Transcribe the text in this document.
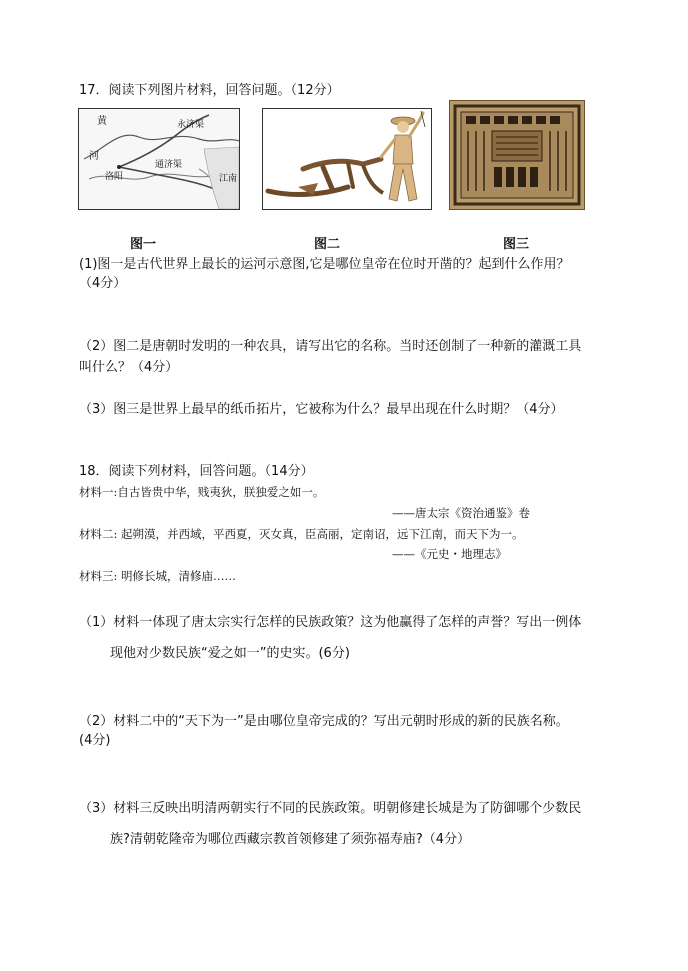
17．阅读下列图片材料，回答问题。（12分）
黄
河
永济渠
通济渠
洛阳	江南
图一	图二	图三
(1)图一是古代世界上最长的运河示意图,它是哪位皇帝在位时开凿的？起到什么作用？
（4分）
（2）图二是唐朝时发明的一种农具，请写出它的名称。当时还创制了一种新的灌溉工具
叫什么？（4分）
（3）图三是世界上最早的纸币拓片，它被称为什么？最早出现在什么时期？（4分）
18．阅读下列材料，回答问题。（14分）
材料一:自古皆贵中华，贱夷狄，朕独爱之如一。
——唐太宗《资治通鉴》卷
材料二: 起朔漠，并西域，平西夏，灭女真，臣高丽，定南诏，远下江南，而天下为一。
——《元史・地理志》
材料三: 明修长城，清修庙……
（1）材料一体现了唐太宗实行怎样的民族政策？这为他赢得了怎样的声誉？写出一例体
现他对少数民族“爱之如一”的史实。(6分)
（2）材料二中的“天下为一”是由哪位皇帝完成的？写出元朝时形成的新的民族名称。
(4分)
（3）材料三反映出明清两朝实行不同的民族政策。明朝修建长城是为了防御哪个少数民
族?清朝乾隆帝为哪位西藏宗教首领修建了须弥福寿庙?（4分）
